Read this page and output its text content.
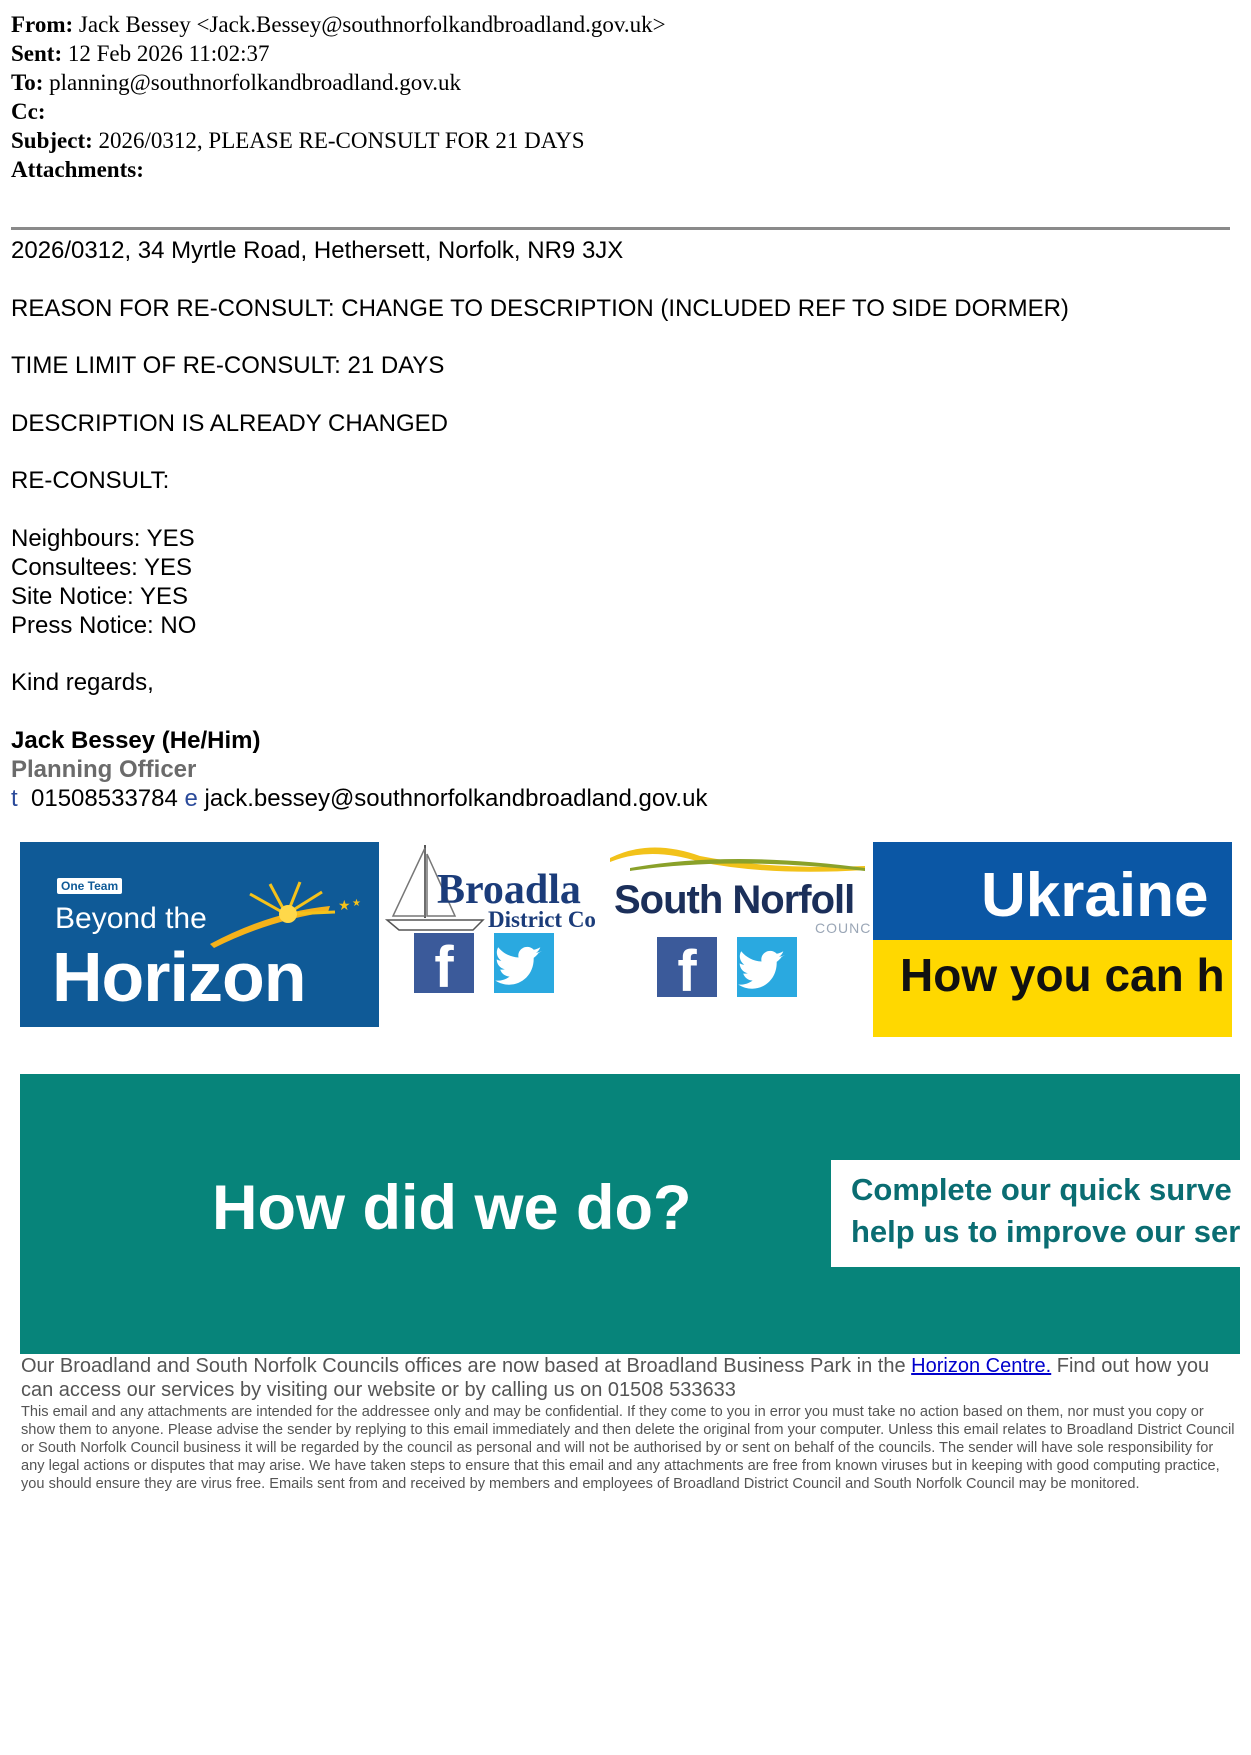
From: Jack Bessey <Jack.Bessey@southnorfolkandbroadland.gov.uk>
Sent: 12 Feb 2026 11:02:37
To: planning@southnorfolkandbroadland.gov.uk
Cc:
Subject: 2026/0312, PLEASE RE-CONSULT FOR 21 DAYS
Attachments:

2026/0312, 34 Myrtle Road, Hethersett, Norfolk, NR9 3JX

REASON FOR RE-CONSULT: CHANGE TO DESCRIPTION (INCLUDED REF TO SIDE DORMER)

TIME LIMIT OF RE-CONSULT: 21 DAYS

DESCRIPTION IS ALREADY CHANGED

RE-CONSULT:

Neighbours: YES

Consultees: YES

Site Notice: YES

Press Notice: NO

Kind regards,

Jack Bessey (He/Him)

Planning Officer

t 01508533784 e jack.bessey@southnorfolkandbroadland.gov.uk

One Team
Beyond the
Horizon
★ ★ Broadla
District Co
f
South Norfoll
COUNC
f
Ukraine
How you can h
How did we do?	Complete our quick surve
help us to improve our ser
Our Broadland and South Norfolk Councils offices are now based at Broadland Business Park in the Horizon Centre. Find out how you can access our services by visiting our website or by calling us on 01508 533633
This email and any attachments are intended for the addressee only and may be confidential. If they come to you in error you must take no action based on them, nor must you copy or show them to anyone. Please advise the sender by replying to this email immediately and then delete the original from your computer. Unless this email relates to Broadland District Council or South Norfolk Council business it will be regarded by the council as personal and will not be authorised by or sent on behalf of the councils. The sender will have sole responsibility for any legal actions or disputes that may arise. We have taken steps to ensure that this email and any attachments are free from known viruses but in keeping with good computing practice, you should ensure they are virus free. Emails sent from and received by members and employees of Broadland District Council and South Norfolk Council may be monitored.
